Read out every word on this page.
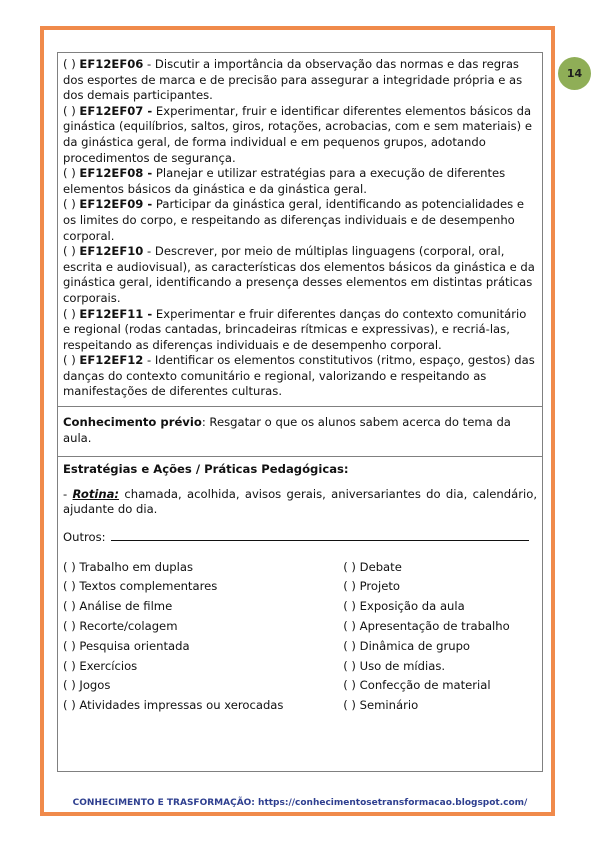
14

( ) EF12EF06 - Discutir a importância da observação das normas e das regras dos esportes de marca e de precisão para assegurar a integridade própria e as dos demais participantes.

( ) EF12EF07 - Experimentar, fruir e identificar diferentes elementos básicos da ginástica (equilíbrios, saltos, giros, rotações, acrobacias, com e sem materiais) e da ginástica geral, de forma individual e em pequenos grupos, adotando procedimentos de segurança.

( ) EF12EF08 - Planejar e utilizar estratégias para a execução de diferentes elementos básicos da ginástica e da ginástica geral.

( ) EF12EF09 - Participar da ginástica geral, identificando as potencialidades e os limites do corpo, e respeitando as diferenças individuais e de desempenho corporal.

( ) EF12EF10 - Descrever, por meio de múltiplas linguagens (corporal, oral, escrita e audiovisual), as características dos elementos básicos da ginástica e da ginástica geral, identificando a presença desses elementos em distintas práticas corporais.

( ) EF12EF11 - Experimentar e fruir diferentes danças do contexto comunitário e regional (rodas cantadas, brincadeiras rítmicas e expressivas), e recriá-las, respeitando as diferenças individuais e de desempenho corporal.

( ) EF12EF12 - Identificar os elementos constitutivos (ritmo, espaço, gestos) das danças do contexto comunitário e regional, valorizando e respeitando as manifestações de diferentes culturas.

Conhecimento prévio: Resgatar o que os alunos sabem acerca do tema da aula.
Estratégias e Ações / Práticas Pedagógicas:
- Rotina: chamada, acolhida, avisos gerais, aniversariantes do dia, calendário, ajudante do dia.
Outros:
( ) Trabalho em duplas
( ) Textos complementares
( ) Análise de filme
( ) Recorte/colagem
( ) Pesquisa orientada
( ) Exercícios
( ) Jogos
( ) Atividades impressas ou xerocadas
( ) Debate
( ) Projeto
( ) Exposição da aula
( ) Apresentação de trabalho
( ) Dinâmica de grupo
( ) Uso de mídias.
( ) Confecção de material
( ) Seminário
CONHECIMENTO E TRASFORMAÇÃO: https://conhecimentosetransformacao.blogspot.com/
